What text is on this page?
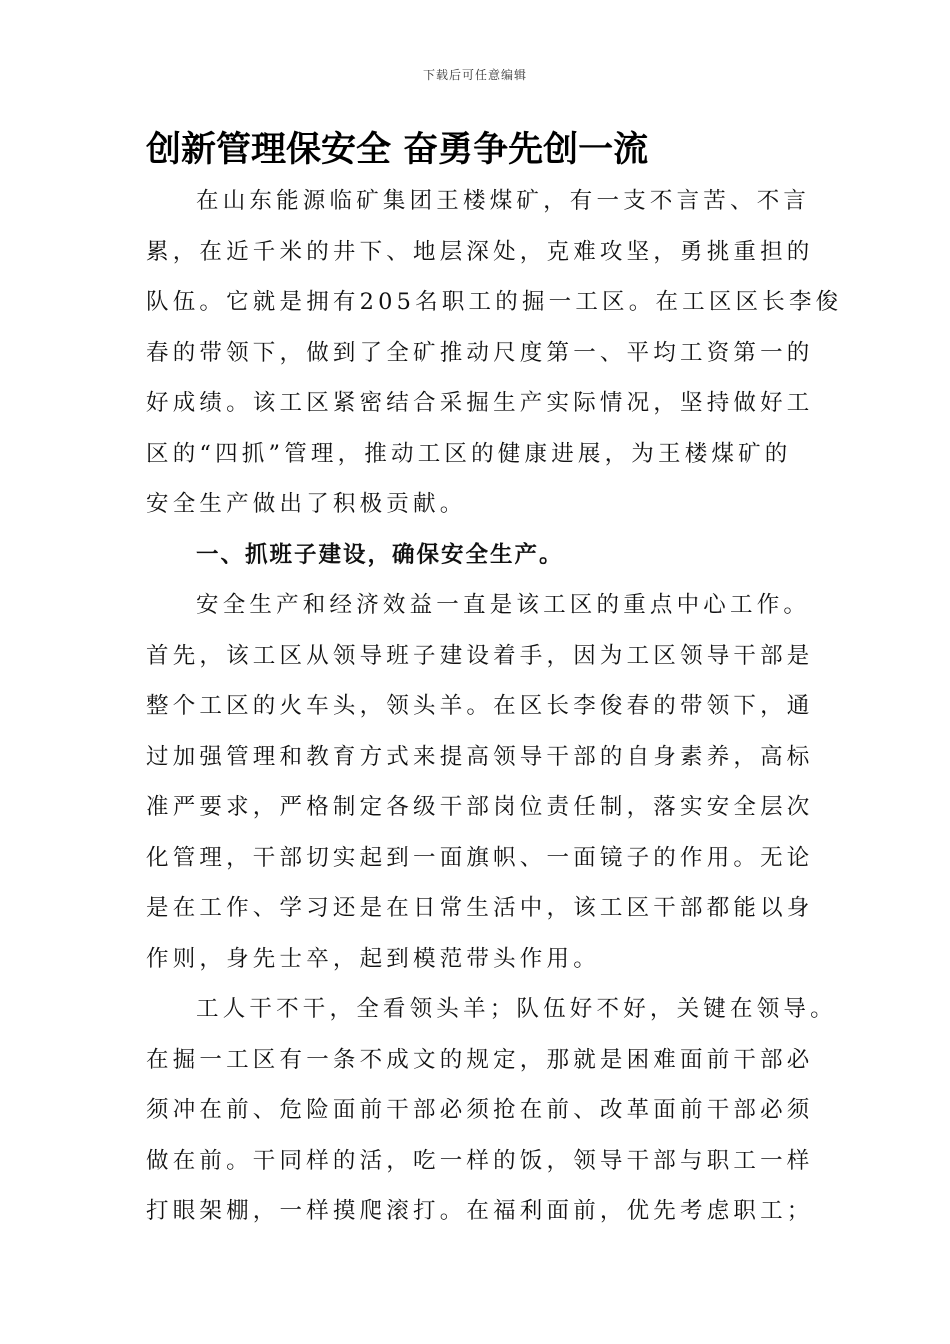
下载后可任意编辑
创新管理保安全 奋勇争先创一流
在山东能源临矿集团王楼煤矿，有一支不言苦、不言
累，在近千米的井下、地层深处，克难攻坚，勇挑重担的
队伍。它就是拥有205名职工的掘一工区。在工区区长李俊
春的带领下，做到了全矿推动尺度第一、平均工资第一的
好成绩。该工区紧密结合采掘生产实际情况，坚持做好工
区的“四抓”管理，推动工区的健康进展，为王楼煤矿的
安全生产做出了积极贡献。
一、抓班子建设，确保安全生产。
安全生产和经济效益一直是该工区的重点中心工作。
首先，该工区从领导班子建设着手，因为工区领导干部是
整个工区的火车头，领头羊。在区长李俊春的带领下，通
过加强管理和教育方式来提高领导干部的自身素养，高标
准严要求，严格制定各级干部岗位责任制，落实安全层次
化管理，干部切实起到一面旗帜、一面镜子的作用。无论
是在工作、学习还是在日常生活中，该工区干部都能以身
作则，身先士卒，起到模范带头作用。
工人干不干，全看领头羊；队伍好不好，关键在领导。
在掘一工区有一条不成文的规定，那就是困难面前干部必
须冲在前、危险面前干部必须抢在前、改革面前干部必须
做在前。干同样的活，吃一样的饭，领导干部与职工一样
打眼架棚，一样摸爬滚打。在福利面前，优先考虑职工；
